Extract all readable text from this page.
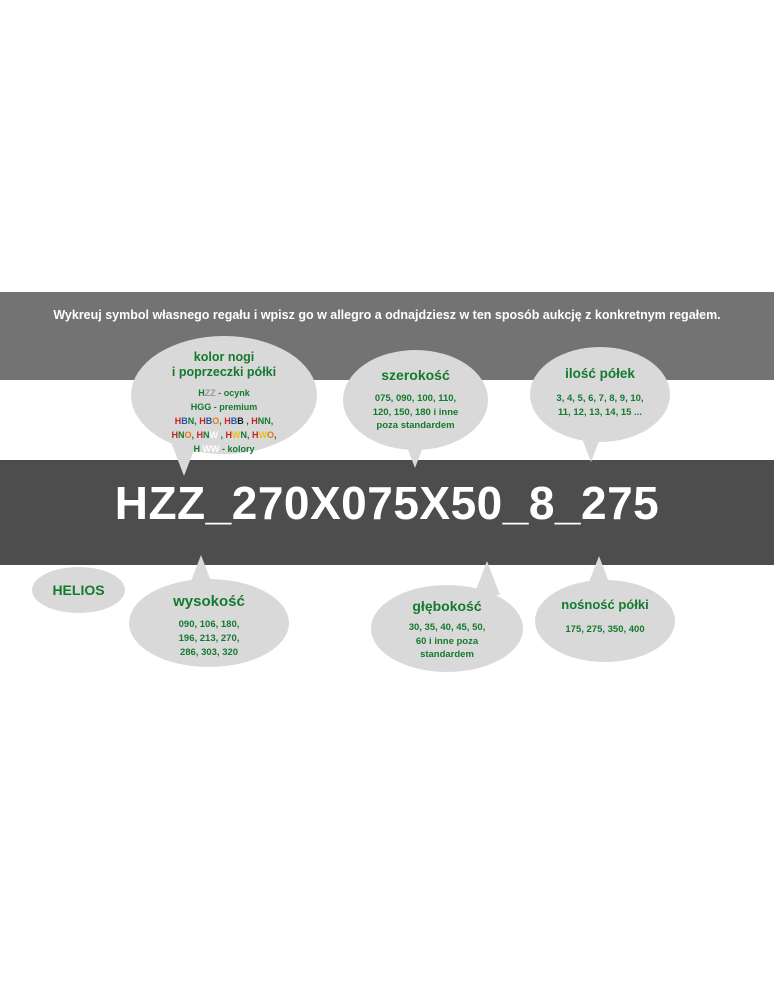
Wykreuj symbol własnego regału i wpisz go w allegro a odnajdziesz w ten sposób aukcję z konkretnym regałem.
HZZ_270X075X50_8_275
kolor nogi
i poprzeczki półki
HZZ - ocynk
HGG - premium
HBN, HBO, HBB , HNN,
HNO, HNW , HWN, HWO,
H WW - kolory
szerokość
075, 090, 100, 110,
120, 150, 180 i inne
poza standardem
ilość półek
3, 4, 5, 6, 7, 8, 9, 10,
11, 12, 13, 14, 15 ...
HELIOS
wysokość
090, 106, 180,
196, 213, 270,
286, 303, 320
głębokość
30, 35, 40, 45, 50,
60 i inne poza
standardem
nośność półki
175, 275, 350, 400
